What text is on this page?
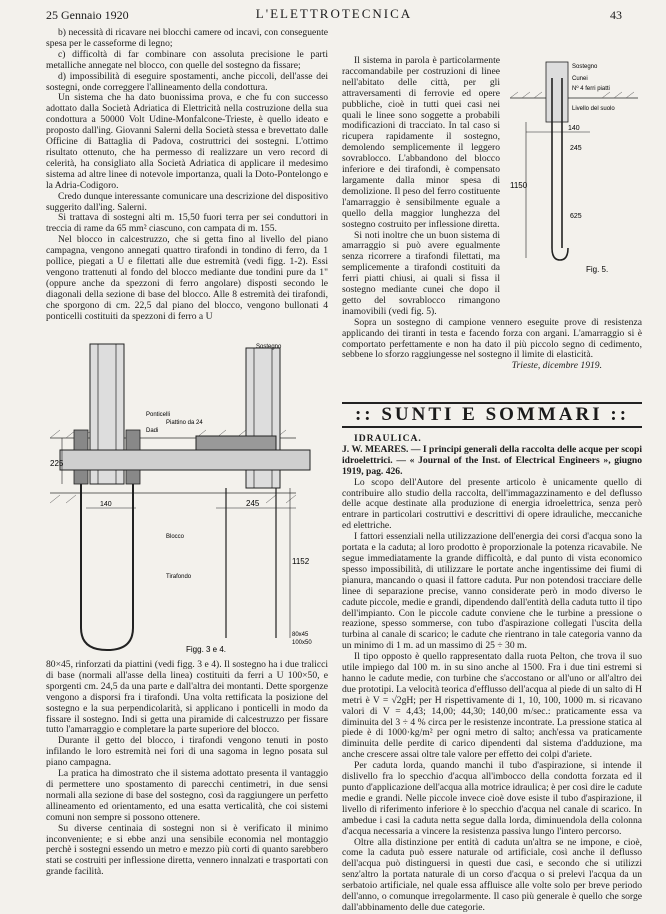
25 Gennaio 1920	L'ELETTROTECNICA	43

b) necessità di ricavare nei blocchi camere od incavi, con conseguente spesa per le casseforme di legno;

c) difficoltà di far combinare con assoluta precisione le parti metalliche annegate nel blocco, con quelle del sostegno da fissare;

d) impossibilità di eseguire spostamenti, anche piccoli, dell'asse dei sostegni, onde correggere l'allineamento della condottura.

Un sistema che ha dato buonissima prova, e che fu con successo adottato dalla Società Adriatica di Elettricità nella costruzione della sua condottura a 50000 Volt Udine-Monfalcone-Trieste, è quello ideato e proposto dall'ing. Giovanni Salerni della Società stessa e brevettato dalle Officine di Battaglia di Padova, costruttrici dei sostegni. L'ottimo risultato ottenuto, che ha permesso di realizzare un vero record di celerità, ha consigliato alla Società Adriatica di applicare il medesimo sistema ad altre linee di notevole importanza, quali la Doto-Pontelongo e la Adria-Codigoro.

Credo dunque interessante comunicare una descrizione del dispositivo suggerito dall'ing. Salerni.

Si trattava di sostegni alti m. 15,50 fuori terra per sei conduttori in treccia di rame da 65 mm² ciascuno, con campata di m. 155.

Nel blocco in calcestruzzo, che si getta fino al livello del piano campagna, vengono annegati quattro tirafondi in tondino di ferro, da 1 pollice, piegati a U e filettati alle due estremità (vedi figg. 1-2). Essi vengono trattenuti al fondo del blocco mediante due tondini pure da 1" (oppure anche da spezzoni di ferro angolare) disposti secondo le diagonali della sezione di base del blocco. Alle 8 estremità dei tirafondi, che sporgono di cm. 22,5 dal piano del blocco, vengono bullonati 4 ponticelli costituiti da spezzoni di ferro a U

225
140	245
1152
80x45
100x50
Sostegno
Piattino da 24
Ponticelli
Dadi
Tirafondo
Blocco
Figg. 3 e 4.

80×45, rinforzati da piattini (vedi figg. 3 e 4). Il sostegno ha i due tralicci di base (normali all'asse della linea) costituiti da ferri a U 100×50, e sporgenti cm. 24,5 da una parte e dall'altra dei montanti. Dette sporgenze vengono a disporsi fra i tirafondi. Una volta rettificata la posizione del sostegno e la sua perpendicolarità, si applicano i ponticelli in modo da fissare il sostegno. Indi si getta una piramide di calcestruzzo per fissare tutto l'amarraggio e completare la parte superiore del blocco.

Durante il getto del blocco, i tirafondi vengono tenuti in posto infilando le loro estremità nei fori di una sagoma in legno posata sul piano campagna.

La pratica ha dimostrato che il sistema adottato presenta il vantaggio di permettere uno spostamento di parecchi centimetri, in due sensi normali alla sezione di base del sostegno, così da raggiungere un perfetto allineamento ed orientamento, ed una esatta verticalità, che coi sistemi comuni non sempre si possono ottenere.

Su diverse centinaia di sostegni non si è verificato il minimo inconveniente; e si ebbe anzi una sensibile economia nel montaggio perchè i sostegni essendo un metro e mezzo più corti di quanto sarebbero stati se costruiti per inflessione diretta, vennero innalzati e trasportati con grande facilità.

Il sistema in parola è particolarmente raccomandabile per costruzioni di linee nell'abitato delle città, per gli attraversamenti di ferrovie ed opere pubbliche, cioè in tutti quei casi nei quali le linee sono soggette a probabili modificazioni di tracciato. In tal caso si ricupera rapidamente il sostegno, demolendo semplicemente il leggero sovrablocco. L'abbandono del blocco inferiore e dei tirafondi, è compensato largamente dalla minor spesa di demolizione. Il peso del ferro costituente l'amarraggio è sensibilmente eguale a quello della maggior lunghezza del sostegno costruito per inflessione diretta.

Si noti inoltre che un buon sistema di amarraggio si può avere egualmente senza ricorrere a tirafondi filettati, ma semplicemente a tirafondi costituiti da ferri piatti chiusi, ai quali si fissa il sostegno mediante cunei che dopo il getto del sovrablocco rimangono inamovibili (vedi fig. 5).

Sopra un sostegno di campione vennero eseguite prove di resistenza applicando dei tiranti in testa e facendo forza con argani. L'amarraggio si è comportato perfettamente e non ha dato il più piccolo segno di cedimento, sebbene lo sforzo raggiungesse nel sostegno il limite di elasticità.

Trieste, dicembre 1919.

Sostegno
Cunei
Nº 4 ferri piatti
Livello del suolo
140
245
1150
625
Fig. 5.
:: SUNTI E SOMMARI ::

IDRAULICA.

J. W. MEARES. — I principi generali della raccolta delle acque per scopi idroelettrici. — « Journal of the Inst. of Electrical Engineers », giugno 1919, pag. 426.

Lo scopo dell'Autore del presente articolo è unicamente quello di contribuire allo studio della raccolta, dell'immagazzinamento e del deflusso delle acque destinate alla produzione di energia idroelettrica, senza però entrare in particolari costruttivi e descrittivi di opere idrauliche, meccaniche ed elettriche.

I fattori essenziali nella utilizzazione dell'energia dei corsi d'acqua sono la portata e la caduta; al loro prodotto è proporzionale la potenza ricavabile. Ne segue immediatamente la grande difficoltà, e dal punto di vista economico spesso impossibilità, di utilizzare le portate anche ingentissime dei fiumi di pianura, mancando o quasi il fattore caduta. Pur non potendosi tracciare delle linee di separazione precise, vanno considerate però in modo diverso le cadute piccole, medie e grandi, dipendendo dall'entità della caduta tutto il tipo dell'impianto. Con le piccole cadute conviene che le turbine a pressione o reazione, spesso sommerse, con tubo d'aspirazione collegati l'uscita della turbina al canale di scarico; le cadute che rientrano in tale categoria vanno da un minimo di 1 m. ad un massimo di 25 ÷ 30 m.

Il tipo opposto è quello rappresentato dalla ruota Pelton, che trova il suo utile impiego dal 100 m. in su sino anche al 1500. Fra i due tini estremi si hanno le cadute medie, con turbine che s'accostano or all'uno or all'altro dei due prototipi. La velocità teorica d'efflusso dell'acqua al piede di un salto di H metri è V = √2gH; per H rispettivamente di 1, 10, 100, 1000 m. si ricavano valori di V = 4,43; 14,00; 44,30; 140,00 m/sec.: praticamente essa va diminuita del 3 ÷ 4 % circa per le resistenze incontrate. La pressione statica al piede è di 1000·kg/m² per ogni metro di salto; anch'essa va praticamente diminuita delle perdite di carico dipendenti dal sistema d'adduzione, ma anche crescere assai oltre tale valore per effetto dei colpi d'ariete.

Per caduta lorda, quando manchi il tubo d'aspirazione, si intende il dislivello fra lo specchio d'acqua all'imbocco della condotta forzata ed il punto d'applicazione dell'acqua alla motrice idraulica; è per così dire le cadute medie e grandi. Nelle piccole invece cioè dove esiste il tubo d'aspirazione, il livello di riferimento inferiore è lo specchio d'acqua nel canale di scarico. In ambedue i casi la caduta netta segue dalla lorda, diminuendola della colonna d'acqua necessaria a vincere la resistenza passiva lungo l'intero percorso.

Oltre alla distinzione per entità di caduta un'altra se ne impone, e cioè, come la caduta può essere naturale od artificiale, così anche il deflusso dell'acqua può distinguersi in questi due casi, e secondo che si utilizzi senz'altro la portata naturale di un corso d'acqua o si prelevi l'acqua da un serbatoio artificiale, nel quale essa affluisce alle volte solo per breve periodo dell'anno, o comunque irregolarmente. Il caso più generale è quello che sorge dall'abbinamento delle due categorie.
